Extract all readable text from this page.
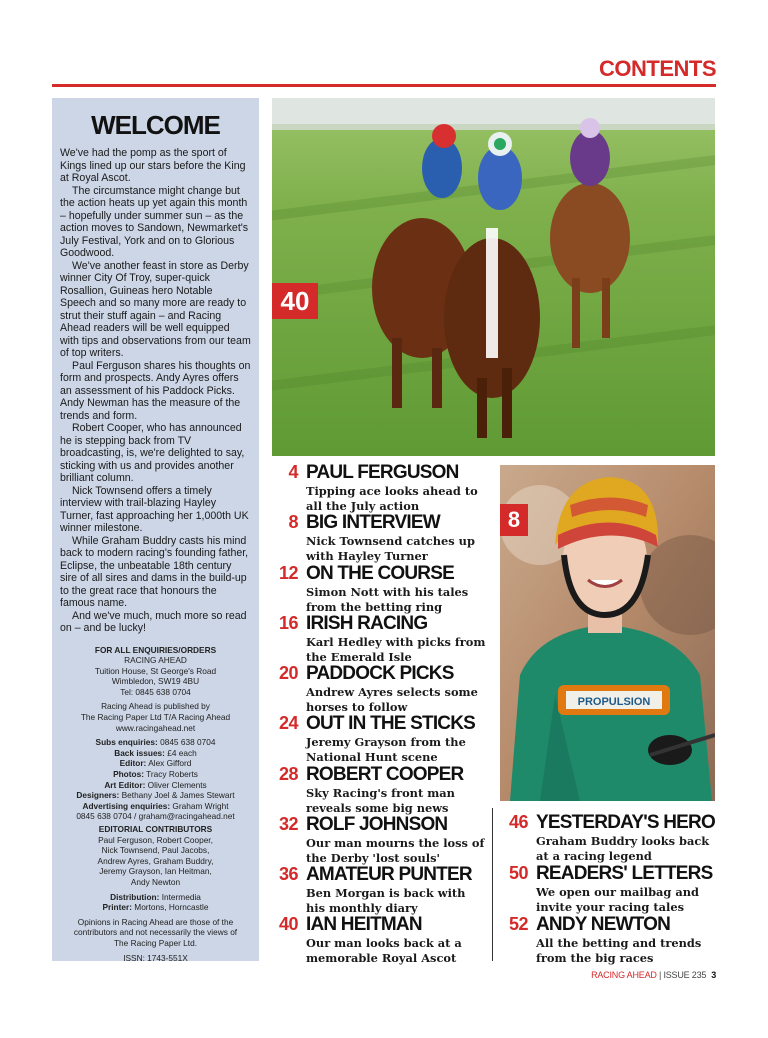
CONTENTS
WELCOME

We've had the pomp as the sport of Kings lined up our stars before the King at Royal Ascot.

The circumstance might change but the action heats up yet again this month – hopefully under summer sun – as the action moves to Sandown, Newmarket's July Festival, York and on to Glorious Goodwood.

We've another feast in store as Derby winner City Of Troy, super-quick Rosallion, Guineas hero Notable Speech and so many more are ready to strut their stuff again – and Racing Ahead readers will be well equipped with tips and observations from our team of top writers.

Paul Ferguson shares his thoughts on form and prospects. Andy Ayres offers an assessment of his Paddock Picks. Andy Newman has the measure of the trends and form.

Robert Cooper, who has announced he is stepping back from TV broadcasting, is, we're delighted to say, sticking with us and provides another brilliant column.

Nick Townsend offers a timely interview with trail-blazing Hayley Turner, fast approaching her 1,000th UK winner milestone.

While Graham Buddry casts his mind back to modern racing's founding father, Eclipse, the unbeatable 18th century sire of all sires and dams in the build-up to the great race that honours the famous name.

And we've much, much more so read on – and be lucky!

FOR ALL ENQUIRIES/ORDERS
RACING AHEAD
Tuition House, St George's Road
Wimbledon, SW19 4BU
Tel: 0845 638 0704
Racing Ahead is published by
The Racing Paper Ltd T/A Racing Ahead
www.racingahead.net
Subs enquiries: 0845 638 0704
Back issues: £4 each
Editor: Alex Gifford
Photos: Tracy Roberts
Art Editor: Oliver Clements
Designers: Bethany Joel & James Stewart
Advertising enquiries: Graham Wright
0845 638 0704 / graham@racingahead.net
EDITORIAL CONTRIBUTORS
Paul Ferguson, Robert Cooper,
Nick Townsend, Paul Jacobs,
Andrew Ayres, Graham Buddry,
Jeremy Grayson, Ian Heitman,
Andy Newton
Distribution: Intermedia
Printer: Mortons, Horncastle
Opinions in Racing Ahead are those of the
contributors and not necessarily the views of
The Racing Paper Ltd.
ISSN: 1743-551X
40
PROPULSION
8
4 PAUL FERGUSON
Tipping ace looks ahead to all the July action
8 BIG INTERVIEW
Nick Townsend catches up with Hayley Turner
12 ON THE COURSE
Simon Nott with his tales from the betting ring
16 IRISH RACING
Karl Hedley with picks from the Emerald Isle
20 PADDOCK PICKS
Andrew Ayres selects some horses to follow
24 OUT IN THE STICKS
Jeremy Grayson from the National Hunt scene
28 ROBERT COOPER
Sky Racing's front man reveals some big news
32 ROLF JOHNSON
Our man mourns the loss of the Derby 'lost souls'
36 AMATEUR PUNTER
Ben Morgan is back with his monthly diary
40 IAN HEITMAN
Our man looks back at a memorable Royal Ascot
46 YESTERDAY'S HERO
Graham Buddry looks back at a racing legend
50 READERS' LETTERS
We open our mailbag and invite your racing tales
52 ANDY NEWTON
All the betting and trends from the big races
RACING AHEAD | ISSUE 235 3
